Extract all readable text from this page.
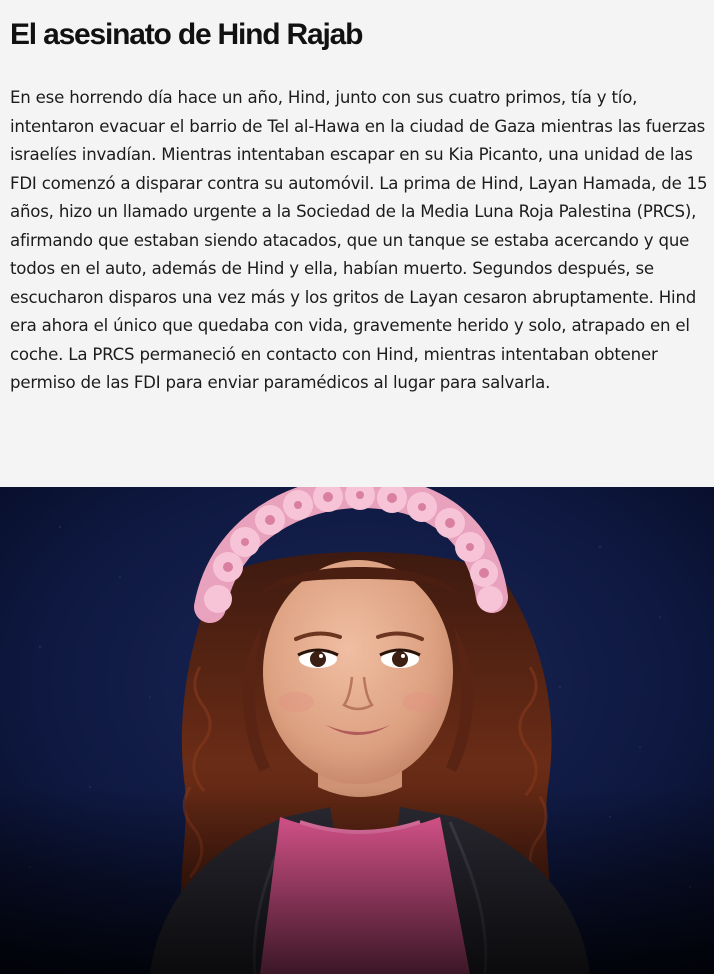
El asesinato de Hind Rajab

En ese horrendo día hace un año, Hind, junto con sus cuatro primos, tía y tío, intentaron evacuar el barrio de Tel al-Hawa en la ciudad de Gaza mientras las fuerzas israelíes invadían. Mientras intentaban escapar en su Kia Picanto, una unidad de las FDI comenzó a disparar contra su automóvil. La prima de Hind, Layan Hamada, de 15 años, hizo un llamado urgente a la Sociedad de la Media Luna Roja Palestina (PRCS), afirmando que estaban siendo atacados, que un tanque se estaba acercando y que todos en el auto, además de Hind y ella, habían muerto. Segundos después, se escucharon disparos una vez más y los gritos de Layan cesaron abruptamente. Hind era ahora el único que quedaba con vida, gravemente herido y solo, atrapado en el coche. La PRCS permaneció en contacto con Hind, mientras intentaban obtener permiso de las FDI para enviar paramédicos al lugar para salvarla.
